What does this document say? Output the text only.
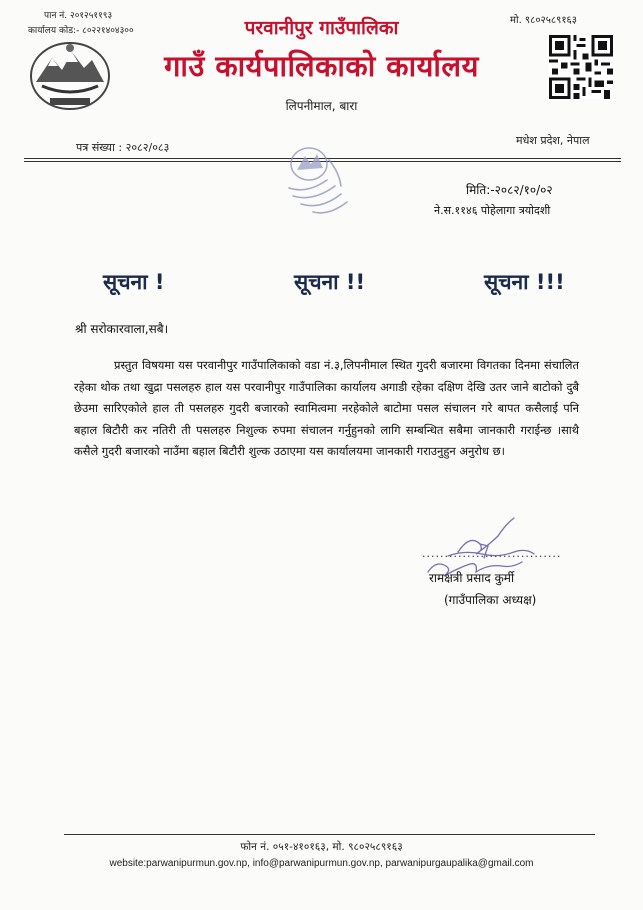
पान नं. २०१२५११९३
कार्यालय कोड:- ८०२२१४०४३००	परवानीपुर गाउँपालिका
गाउँ कार्यपालिकाको कार्यालय
लिपनीमाल, बारा
मो. ९८०२५८९१६३
मधेश प्रदेश, नेपाल
पत्र संख्या : २०८२/०८३
मिति:-२०८२/१०/०२
ने.स.११४६ पोहेलागा त्रयोदशी
सूचना !	सूचना !!	सूचना !!!
श्री सरोकारवाला,सबै।
प्रस्तुत विषयमा यस परवानीपुर गाउँपालिकाको वडा नं.३,लिपनीमाल स्थित गुदरी बजारमा विगतका दिनमा संचालित रहेका थोक तथा खुद्रा पसलहरु हाल यस परवानीपुर गाउँपालिका कार्यालय अगाडी रहेका दक्षिण देखि उतर जाने बाटोको दुबै छेउमा सारिएकोले हाल ती पसलहरु गुदरी बजारको स्वामित्वमा नरहेकोले बाटोमा पसल संचालन गरे बापत कसैलाई पनि बहाल बिटौरी कर नतिरी ती पसलहरु निशुल्क रुपमा संचालन गर्नुहुनको लागि सम्बन्धित सबैमा जानकारी गराईन्छ ।साथै कसैले गुदरी बजारको नाउँमा बहाल बिटौरी शुल्क उठाएमा यस कार्यालयमा जानकारी गराउनुहुन अनुरोध छ।
...............................
रामक्षत्री प्रसाद कुर्मी
(गाउँपालिका अध्यक्ष)
फोन नं. ०५१-४१०१६३, मो. ९८०२५८९१६३
website:parwanipurmun.gov.np, info@parwanipurmun.gov.np, parwanipurgaupalika@gmail.com
